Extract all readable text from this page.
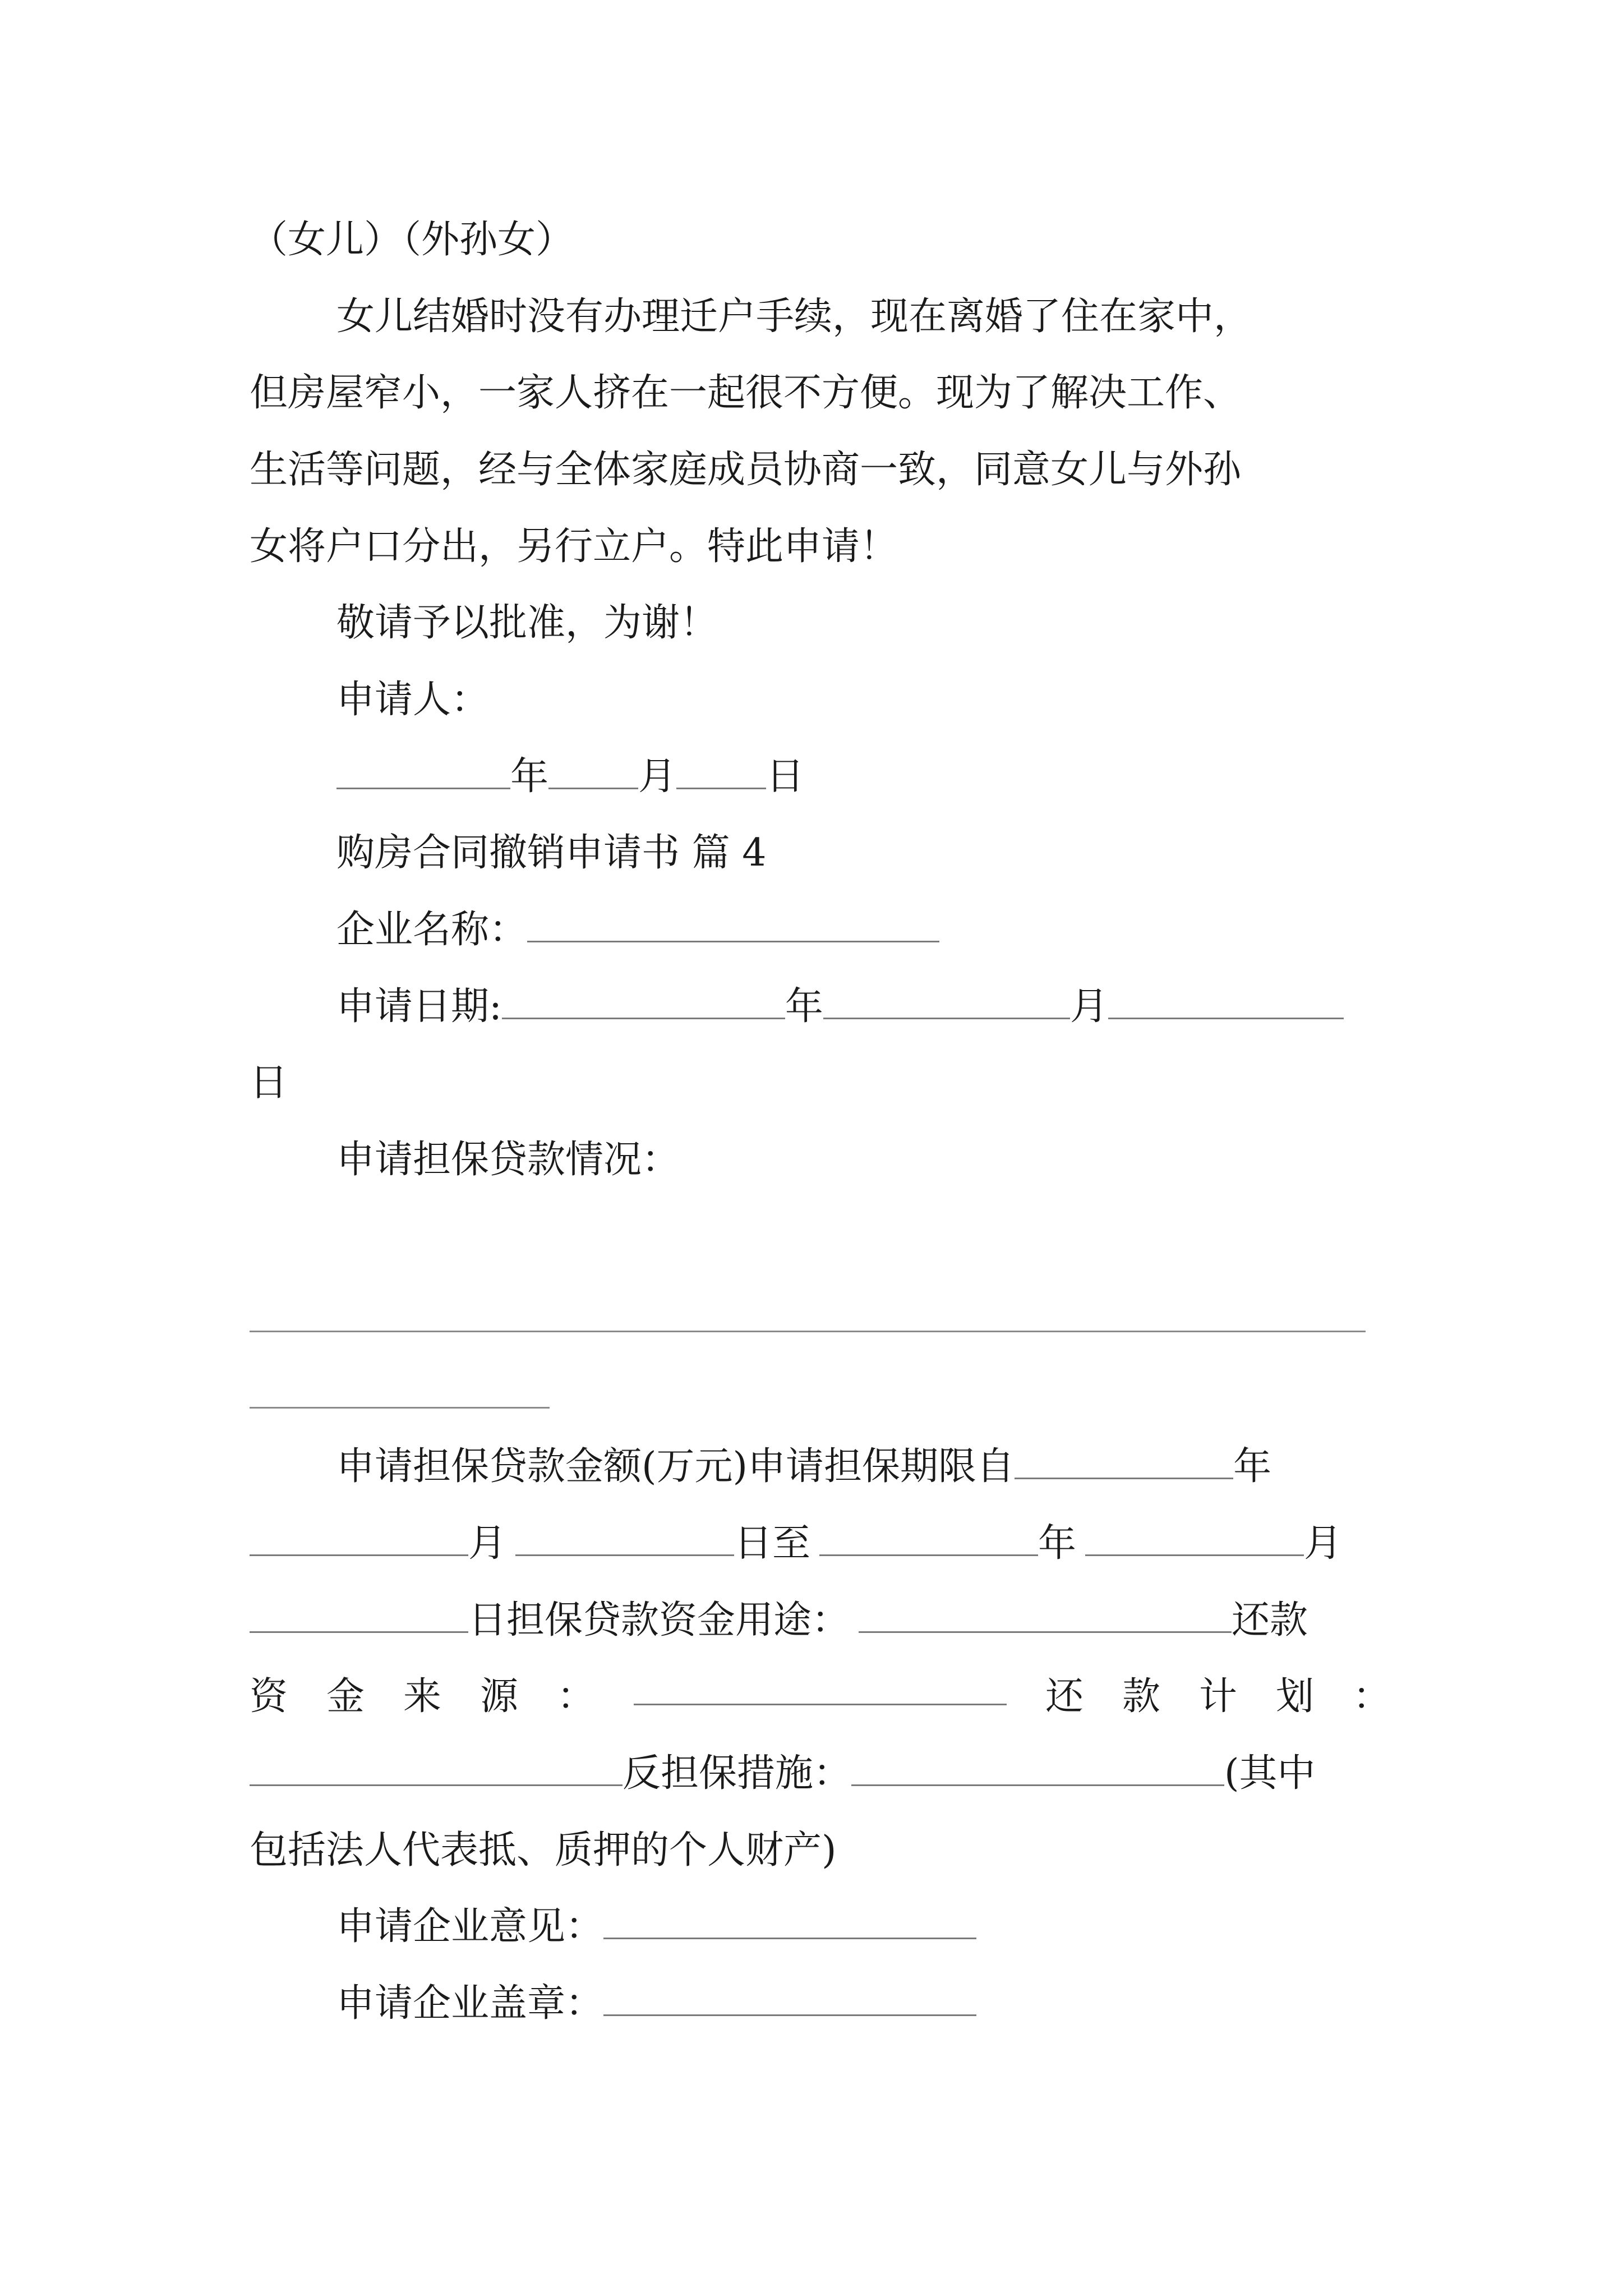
（女儿）（外孙女）
女儿结婚时没有办理迁户手续，现在离婚了住在家中，
但房屋窄小，一家人挤在一起很不方便。现为了解决工作、
生活等问题，经与全体家庭成员协商一致，同意女儿与外孙
女将户口分出，另行立户。特此申请！
敬请予以批准，为谢！
申请人：
年 月 日
购房合同撤销申请书 篇 4
企业名称：
申请日期:	年	月
日
申请担保贷款情况：
申请担保贷款金额(万元)申请担保期限自	年
月	日至	年	月
日担保贷款资金用途：	还款
资 金 来 源 ：	还 款 计 划 ：
反担保措施：	(其中
包括法人代表抵、质押的个人财产)
申请企业意见：
申请企业盖章：
